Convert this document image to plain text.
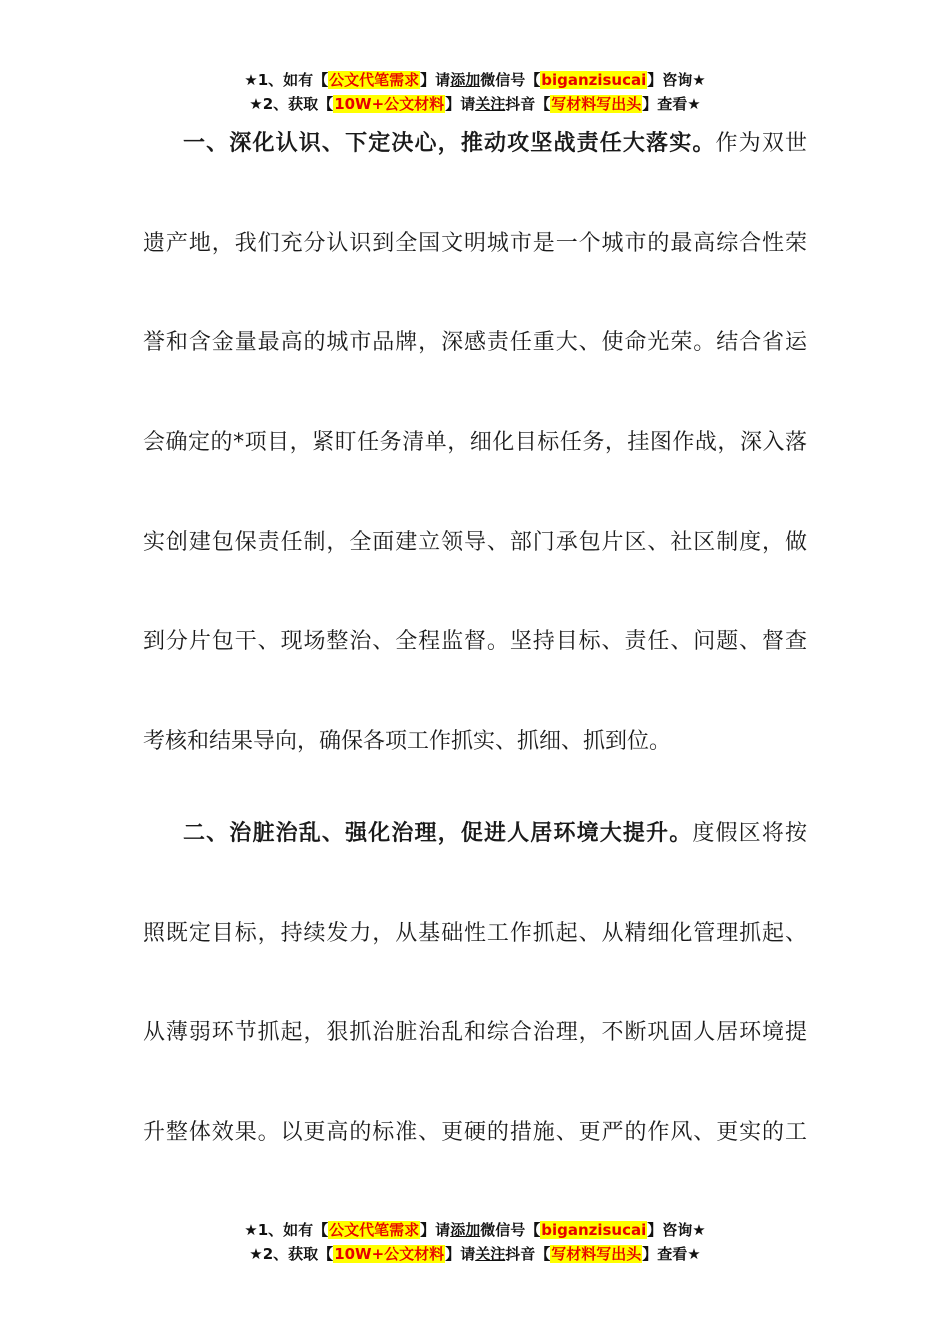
★1、如有【公文代笔需求】请添加微信号【biganzisucai】咨询★
★2、获取【10W+公文材料】请关注抖音【写材料写出头】查看★
一、深化认识、下定决心，推动攻坚战责任大落实。作为双世
遗产地，我们充分认识到全国文明城市是一个城市的最高综合性荣
誉和含金量最高的城市品牌，深感责任重大、使命光荣。结合省运
会确定的*项目，紧盯任务清单，细化目标任务，挂图作战，深入落
实创建包保责任制，全面建立领导、部门承包片区、社区制度，做
到分片包干、现场整治、全程监督。坚持目标、责任、问题、督查
考核和结果导向，确保各项工作抓实、抓细、抓到位。
二、治脏治乱、强化治理，促进人居环境大提升。度假区将按
照既定目标，持续发力，从基础性工作抓起、从精细化管理抓起、
从薄弱环节抓起，狠抓治脏治乱和综合治理，不断巩固人居环境提
升整体效果。以更高的标准、更硬的措施、更严的作风、更实的工
★1、如有【公文代笔需求】请添加微信号【biganzisucai】咨询★
★2、获取【10W+公文材料】请关注抖音【写材料写出头】查看★
